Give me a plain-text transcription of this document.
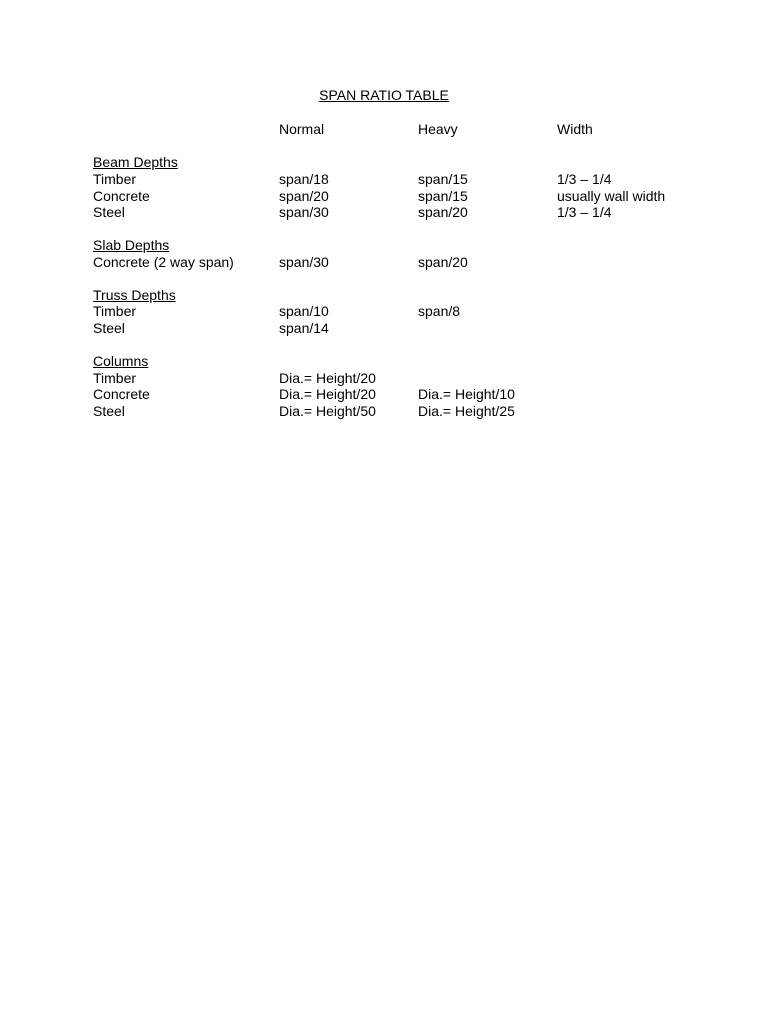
SPAN RATIO TABLE
Normal	Heavy	Width
Beam Depths
Timber	span/18	span/15	1/3 – 1/4
Concrete	span/20	span/15	usually wall width
Steel	span/30	span/20	1/3 – 1/4
Slab Depths
Concrete (2 way span)	span/30	span/20
Truss Depths
Timber	span/10	span/8
Steel	span/14
Columns
Timber	Dia.= Height/20
Concrete	Dia.= Height/20	Dia.= Height/10
Steel	Dia.= Height/50	Dia.= Height/25
